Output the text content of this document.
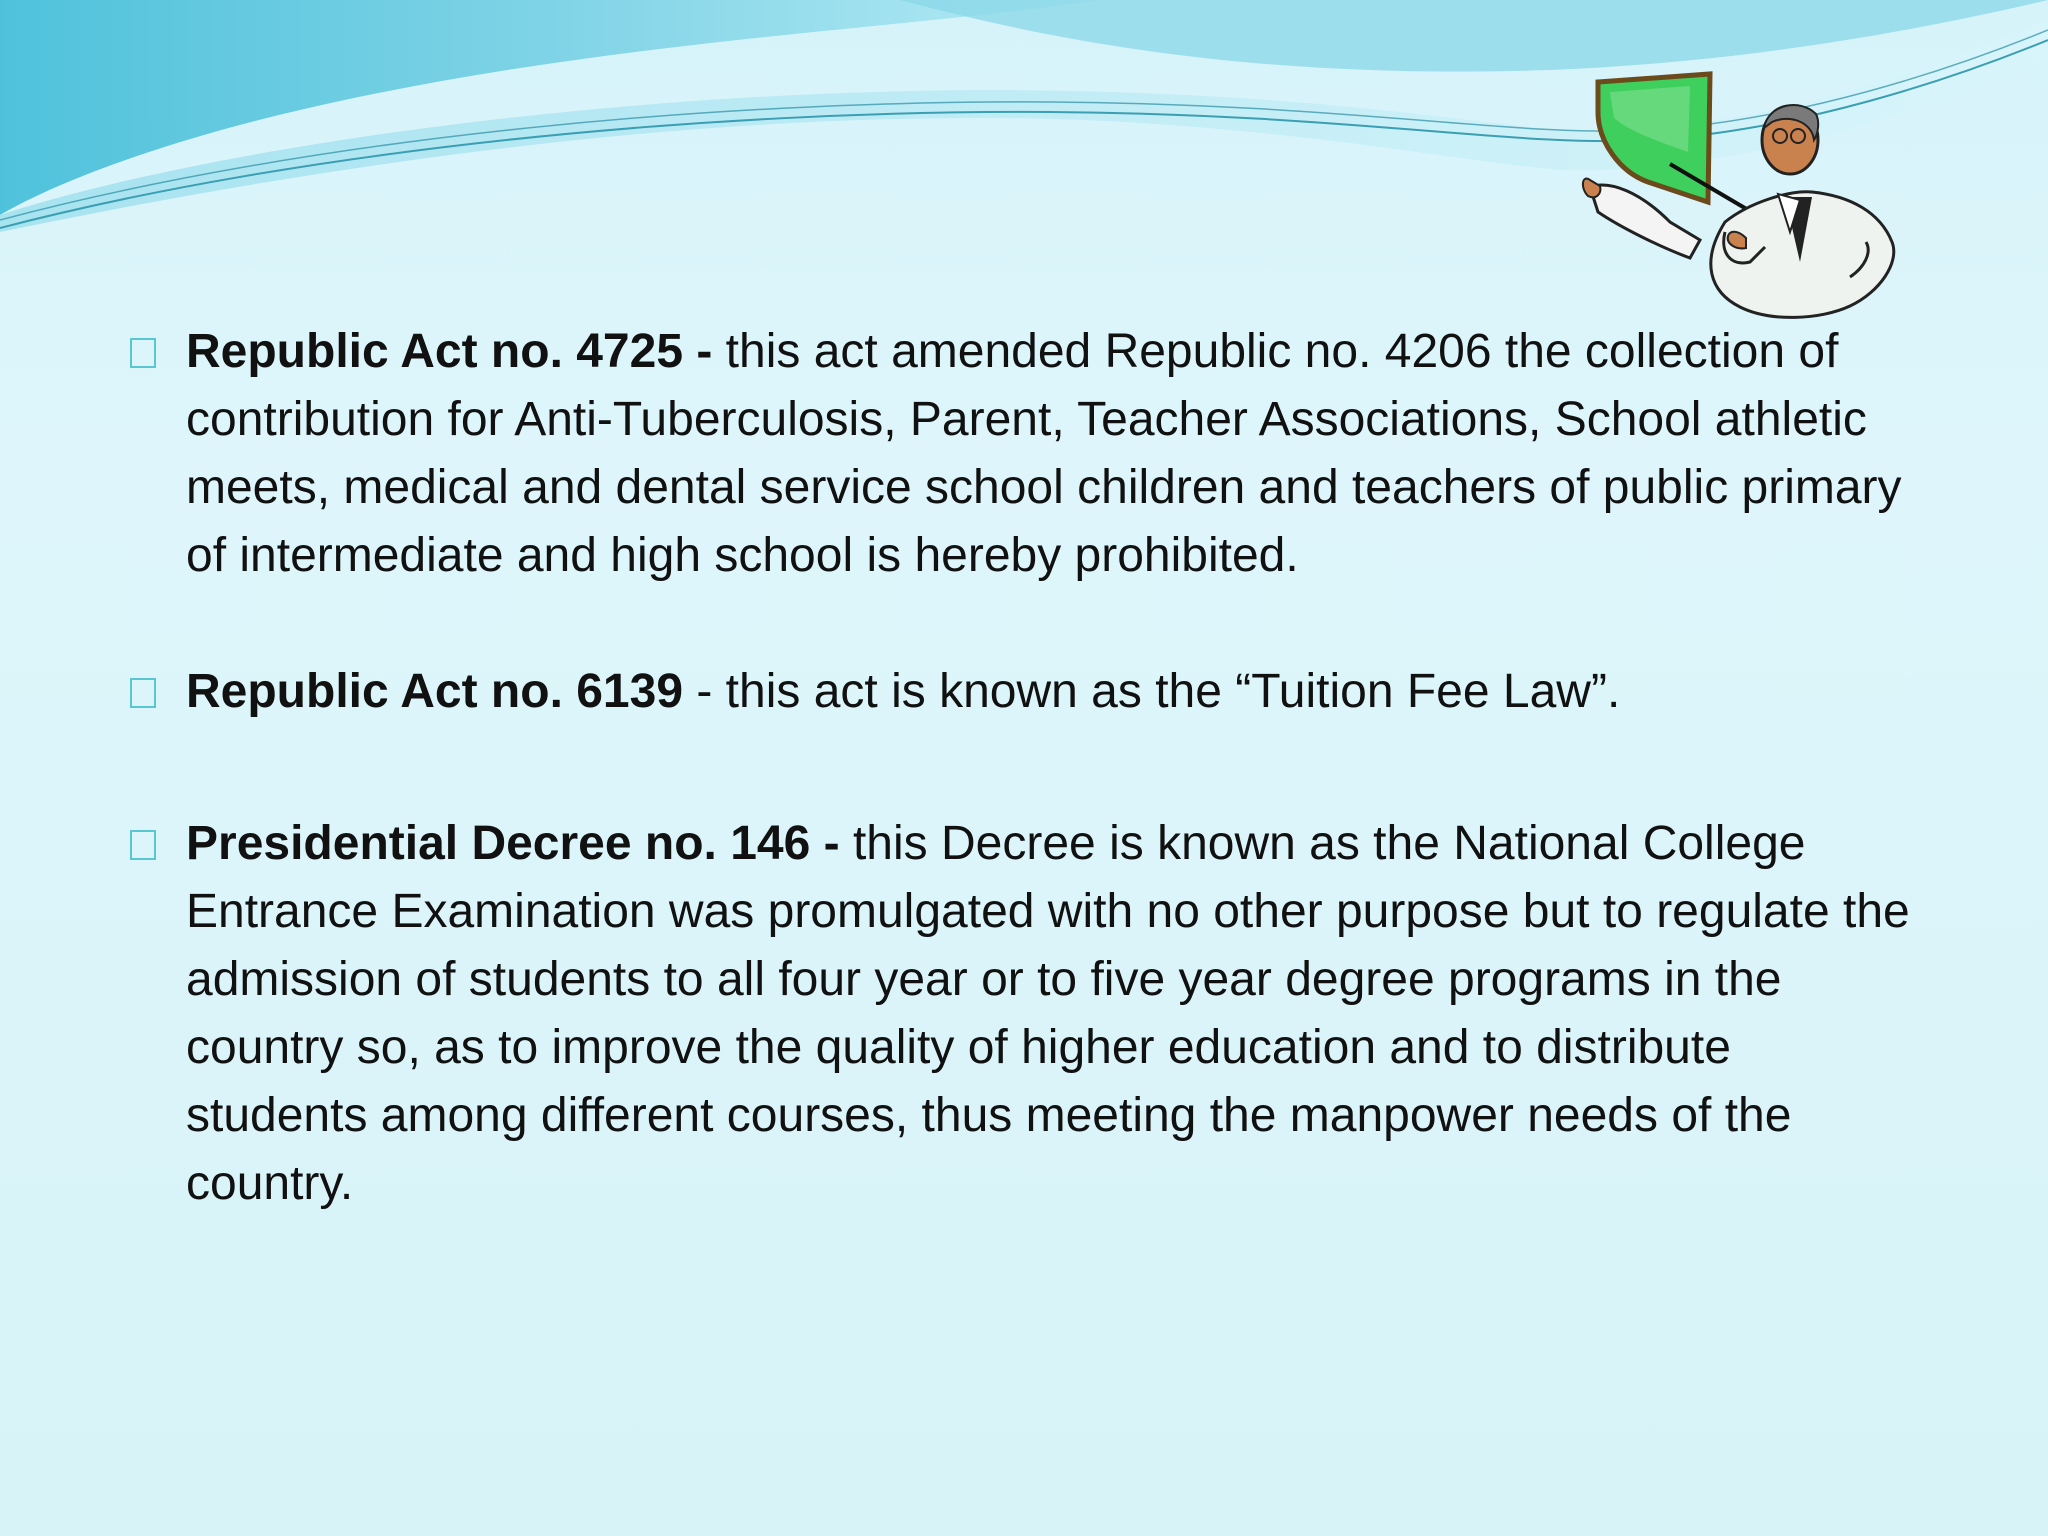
Republic Act no. 4725 - this act amended Republic no. 4206 the collection of contribution for Anti-Tuberculosis, Parent, Teacher Associations, School athletic meets, medical and dental service school children and teachers of public primary of intermediate and high school is hereby prohibited.
Republic Act no. 6139 - this act is known as the “Tuition Fee Law”.
Presidential Decree no. 146 - this Decree is known as the National College Entrance Examination was promulgated with no other purpose but to regulate the admission of students to all four year or to five year degree programs in the country so, as to improve the quality of higher education and to distribute students among different courses, thus meeting the manpower needs of the country.
